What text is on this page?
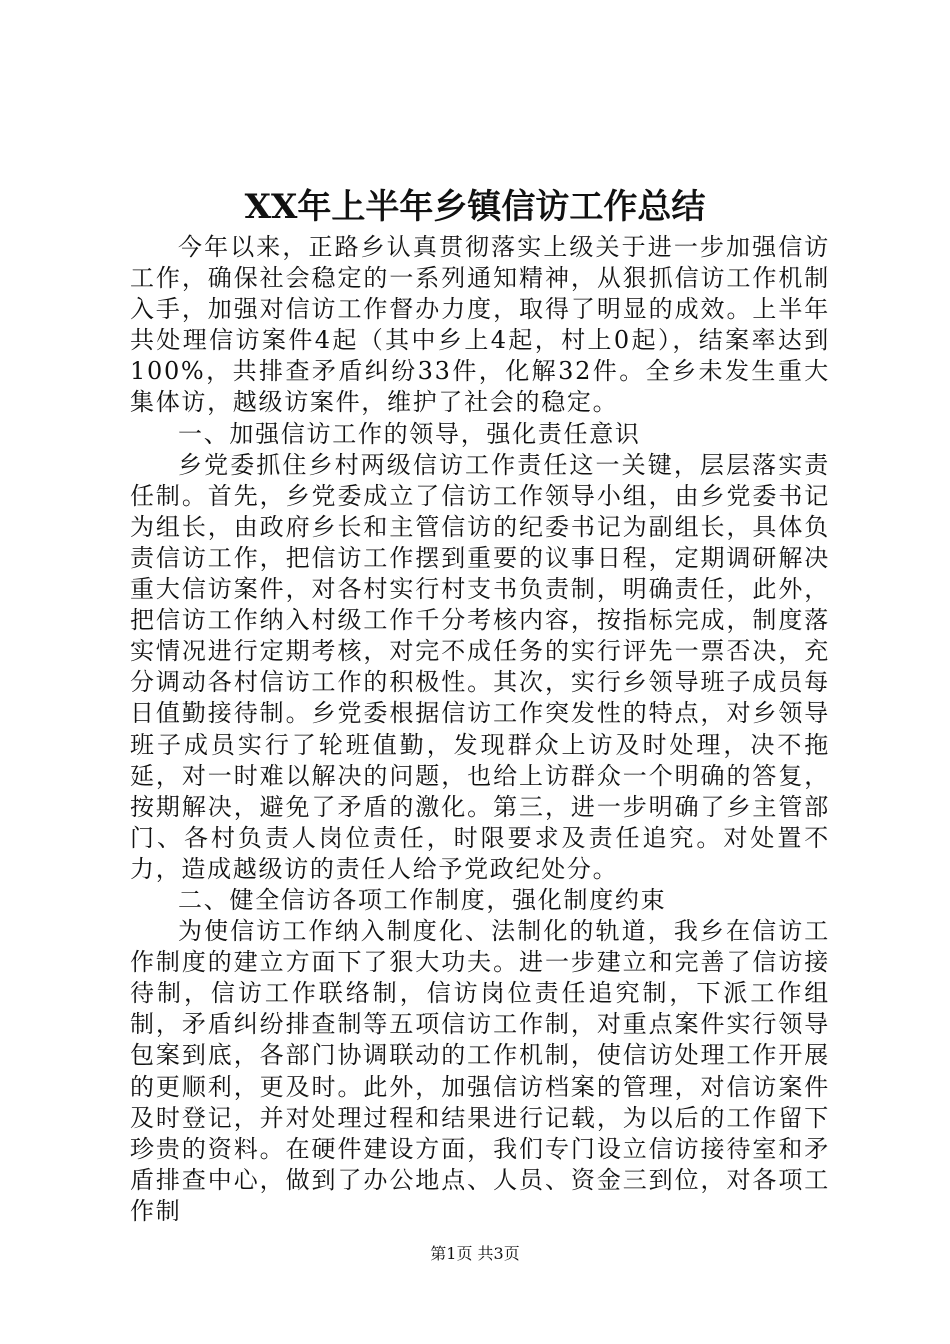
XX年上半年乡镇信访工作总结

今年以来，正路乡认真贯彻落实上级关于进一步加强信访工作，确保社会稳定的一系列通知精神，从狠抓信访工作机制入手，加强对信访工作督办力度，取得了明显的成效。上半年共处理信访案件4起（其中乡上4起，村上0起），结案率达到100%，共排查矛盾纠纷33件，化解32件。全乡未发生重大集体访，越级访案件，维护了社会的稳定。

一、加强信访工作的领导，强化责任意识

乡党委抓住乡村两级信访工作责任这一关键，层层落实责任制。首先，乡党委成立了信访工作领导小组，由乡党委书记为组长，由政府乡长和主管信访的纪委书记为副组长，具体负责信访工作，把信访工作摆到重要的议事日程，定期调研解决重大信访案件，对各村实行村支书负责制，明确责任，此外，把信访工作纳入村级工作千分考核内容，按指标完成，制度落实情况进行定期考核，对完不成任务的实行评先一票否决，充分调动各村信访工作的积极性。其次，实行乡领导班子成员每日值勤接待制。乡党委根据信访工作突发性的特点，对乡领导班子成员实行了轮班值勤，发现群众上访及时处理，决不拖延，对一时难以解决的问题，也给上访群众一个明确的答复，按期解决，避免了矛盾的激化。第三，进一步明确了乡主管部门、各村负责人岗位责任，时限要求及责任追究。对处置不力，造成越级访的责任人给予党政纪处分。

二、健全信访各项工作制度，强化制度约束

为使信访工作纳入制度化、法制化的轨道，我乡在信访工作制度的建立方面下了狠大功夫。进一步建立和完善了信访接待制，信访工作联络制，信访岗位责任追究制，下派工作组制，矛盾纠纷排查制等五项信访工作制，对重点案件实行领导包案到底，各部门协调联动的工作机制，使信访处理工作开展的更顺利，更及时。此外，加强信访档案的管理，对信访案件及时登记，并对处理过程和结果进行记载，为以后的工作留下珍贵的资料。在硬件建设方面，我们专门设立信访接待室和矛盾排查中心，做到了办公地点、人员、资金三到位，对各项工作制

第1页 共3页
